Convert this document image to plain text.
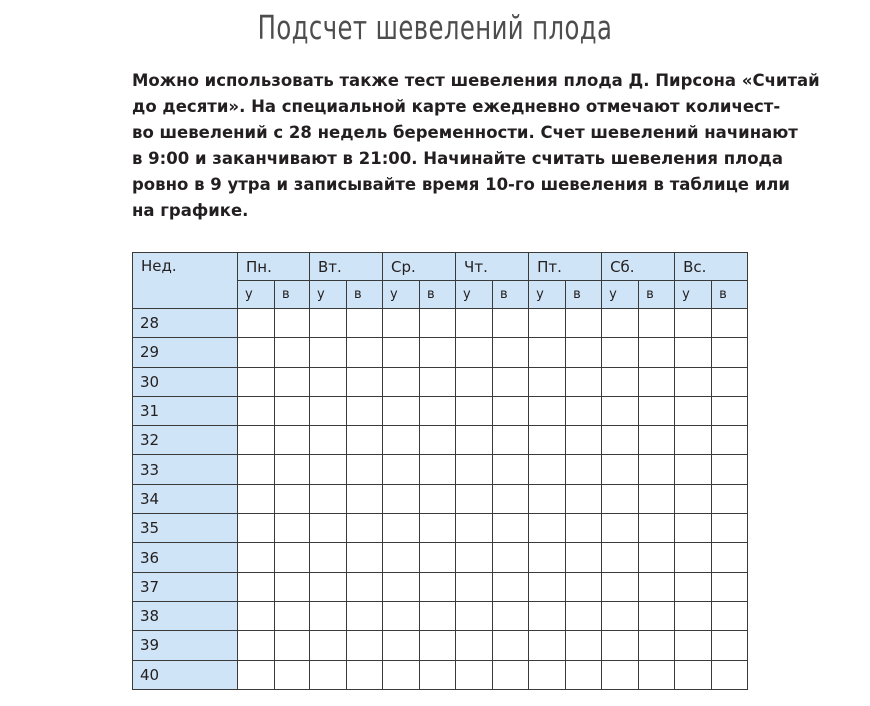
Подсчет шевелений плода
Можно использовать также тест шевеления плода Д. Пирсона «Считай
до десяти». На специальной карте ежедневно отмечают количест-
во шевелений с 28 недель беременности. Счет шевелений начинают
в 9:00 и заканчивают в 21:00. Начинайте считать шевеления плода
ровно в 9 утра и записывайте время 10-го шевеления в таблице или
на графике.
Нед.	Пн.		Вт.		Ср.		Чт.		Пт.		Сб.		Вс.	
	у	в	у	в	у	в	у	в	у	в	у	в	у	в
28														
29														
30														
31														
32														
33														
34														
35														
36														
37														
38														
39														
40														
